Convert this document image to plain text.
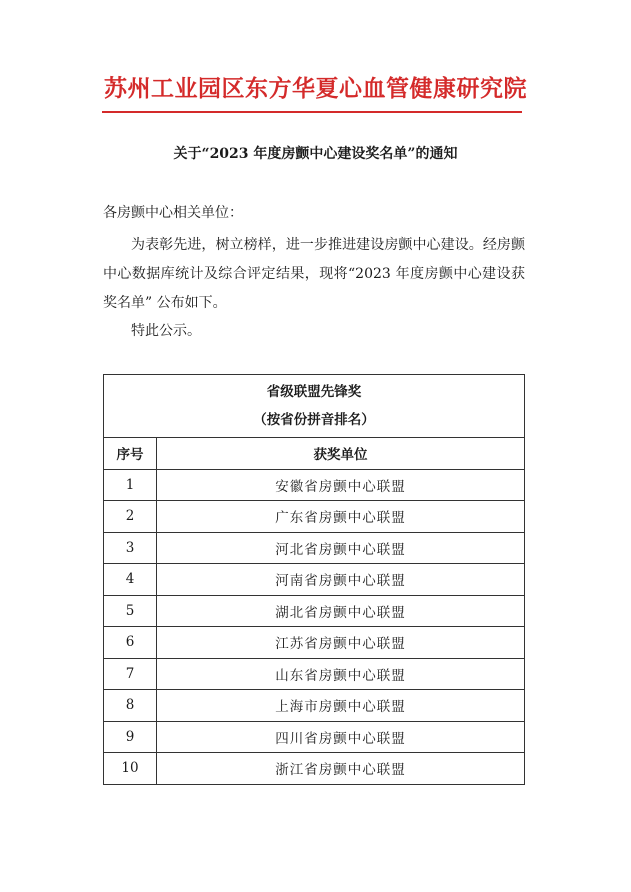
苏州工业园区东方华夏心血管健康研究院
关于“2023 年度房颤中心建设奖名单”的通知
各房颤中心相关单位：
为表彰先进，树立榜样，进一步推进建设房颤中心建设。经房颤中心数据库统计及综合评定结果，现将“2023 年度房颤中心建设获奖名单” 公布如下。
特此公示。
省级联盟先锋奖
（按省份拼音排名）	

序号	获奖单位
1	安徽省房颤中心联盟
2	广东省房颤中心联盟
3	河北省房颤中心联盟
4	河南省房颤中心联盟
5	湖北省房颤中心联盟
6	江苏省房颤中心联盟
7	山东省房颤中心联盟
8	上海市房颤中心联盟
9	四川省房颤中心联盟
10	浙江省房颤中心联盟
